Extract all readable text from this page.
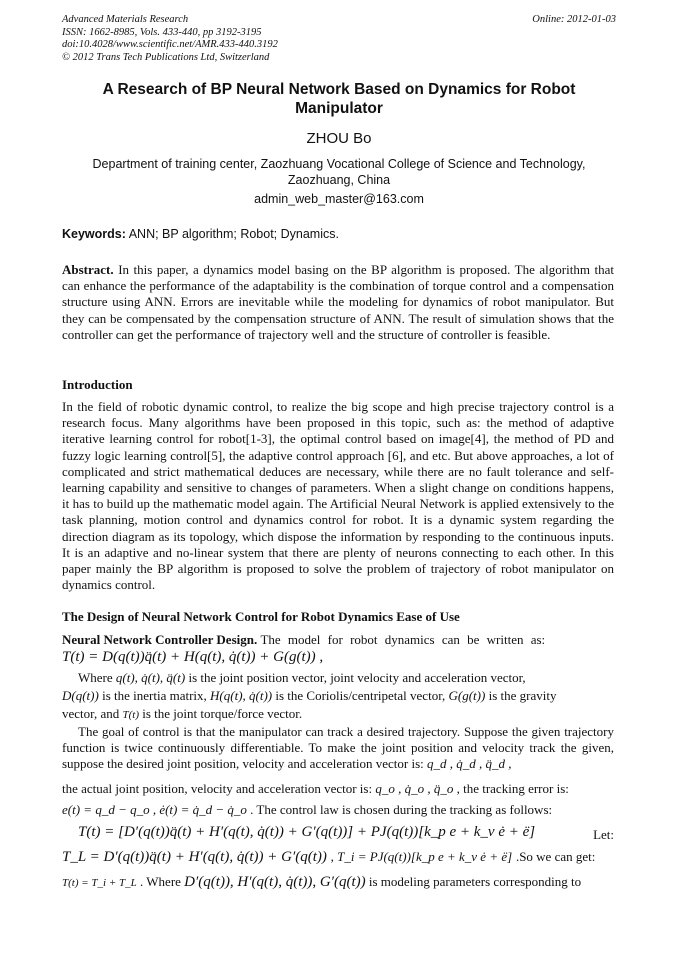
Advanced Materials Research
ISSN: 1662-8985, Vols. 433-440, pp 3192-3195
doi:10.4028/www.scientific.net/AMR.433-440.3192
© 2012 Trans Tech Publications Ltd, Switzerland
Online: 2012-01-03
A Research of BP Neural Network Based on Dynamics for Robot Manipulator
ZHOU Bo
Department of training center, Zaozhuang Vocational College of Science and Technology, Zaozhuang, China
admin_web_master@163.com
Keywords: ANN; BP algorithm; Robot; Dynamics.
Abstract. In this paper, a dynamics model basing on the BP algorithm is proposed. The algorithm that can enhance the performance of the adaptability is the combination of torque control and a compensation structure using ANN. Errors are inevitable while the modeling for dynamics of robot manipulator. But they can be compensated by the compensation structure of ANN. The result of simulation shows that the controller can get the performance of trajectory well and the structure of controller is feasible.
Introduction
In the field of robotic dynamic control, to realize the big scope and high precise trajectory control is a research focus. Many algorithms have been proposed in this topic, such as: the method of adaptive iterative learning control for robot[1-3], the optimal control based on image[4], the method of PD and fuzzy logic learning control[5], the adaptive control approach [6], and etc. But above approaches, a lot of complicated and strict mathematical deduces are necessary, while there are no fault tolerance and self-learning capability and sensitive to changes of parameters. When a slight change on conditions happens, it has to build up the mathematic model again. The Artificial Neural Network is applied extensively to the task planning, motion control and dynamics control for robot. It is a dynamic system regarding the direction diagram as its topology, which dispose the information by responding to the continuous inputs. It is an adaptive and no-linear system that there are plenty of neurons connecting to each other. In this paper mainly the BP algorithm is proposed to solve the problem of trajectory of robot manipulator on dynamics control.
The Design of Neural Network Control for Robot Dynamics Ease of Use
Neural Network Controller Design. The model for robot dynamics can be written as:
T(t) = D(q(t))q̈(t) + H(q(t), q̇(t)) + G(g(t)) ,
Where q(t), q̇(t), q̈(t) is the joint position vector, joint velocity and acceleration vector,
D(q(t)) is the inertia matrix, H(q(t), q̇(t)) is the Coriolis/centripetal vector, G(g(t)) is the gravity
vector, and T(t) is the joint torque/force vector.
The goal of control is that the manipulator can track a desired trajectory. Suppose the given trajectory function is twice continuously differentiable. To make the joint position and velocity track the given, suppose the desired joint position, velocity and acceleration vector is: q_d , q̇_d , q̈_d ,
the actual joint position, velocity and acceleration vector is: q_o , q̇_o , q̈_o , the tracking error is:
e(t) = q_d − q_o , ė(t) = q̇_d − q̇_o . The control law is chosen during the tracking as follows:
T(t) = [D′(q(t))q̈(t) + H′(q(t), q̇(t)) + G′(q(t))] + PJ(q(t))[k_p e + k_v ė + ë]	Let:
T_L = D′(q(t))q̈(t) + H′(q(t), q̇(t)) + G′(q(t)) , T_i = PJ(q(t))[k_p e + k_v ė + ë] .So we can get:
T(t) = T_i + T_L . Where D′(q(t)), H′(q(t), q̇(t)), G′(q(t)) is modeling parameters corresponding to
